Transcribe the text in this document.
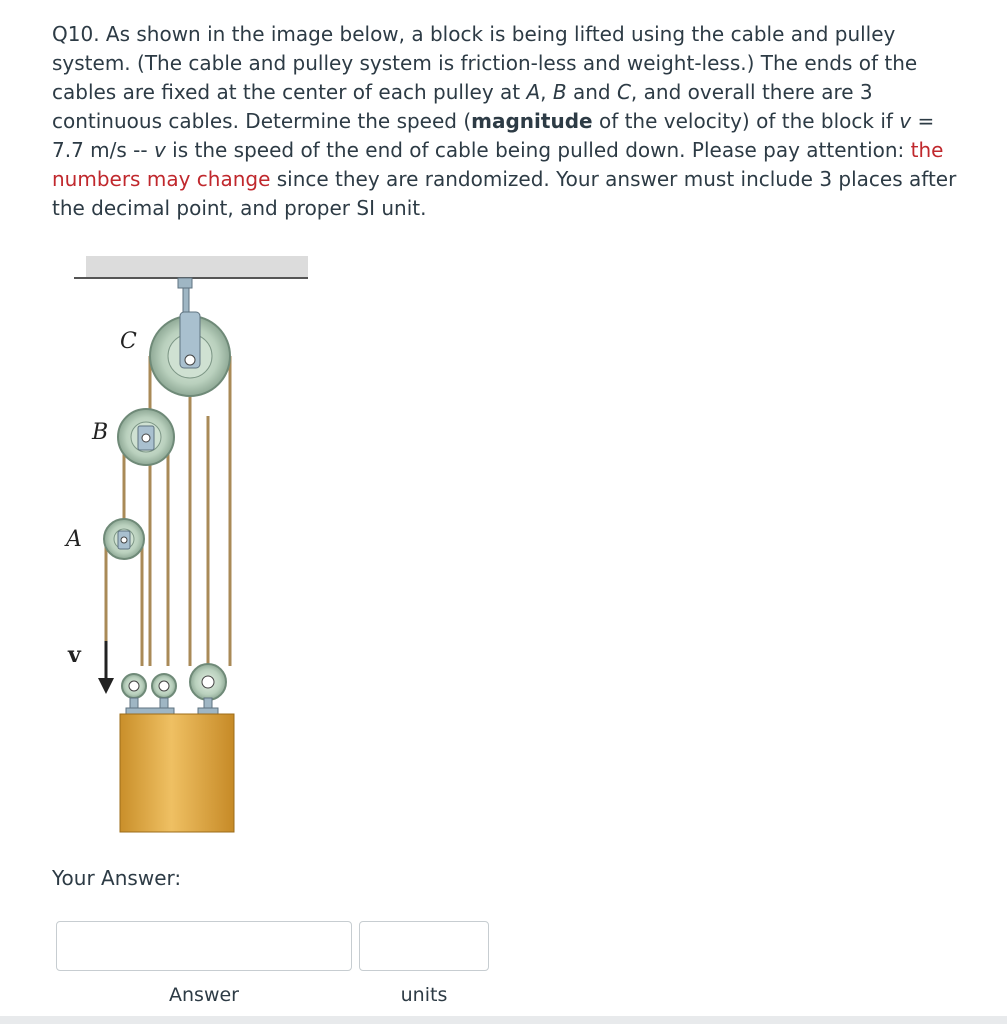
Q10. As shown in the image below, a block is being lifted using the cable and pulley system. (The cable and pulley system is friction-less and weight-less.) The ends of the cables are fixed at the center of each pulley at A, B and C, and overall there are 3 continuous cables. Determine the speed (magnitude of the velocity) of the block if v = 7.7 m/s -- v is the speed of the end of cable being pulled down. Please pay attention: the numbers may change since they are randomized. Your answer must include 3 places after the decimal point, and proper SI unit.
C
B
A
v
Your Answer:
Answer	units
